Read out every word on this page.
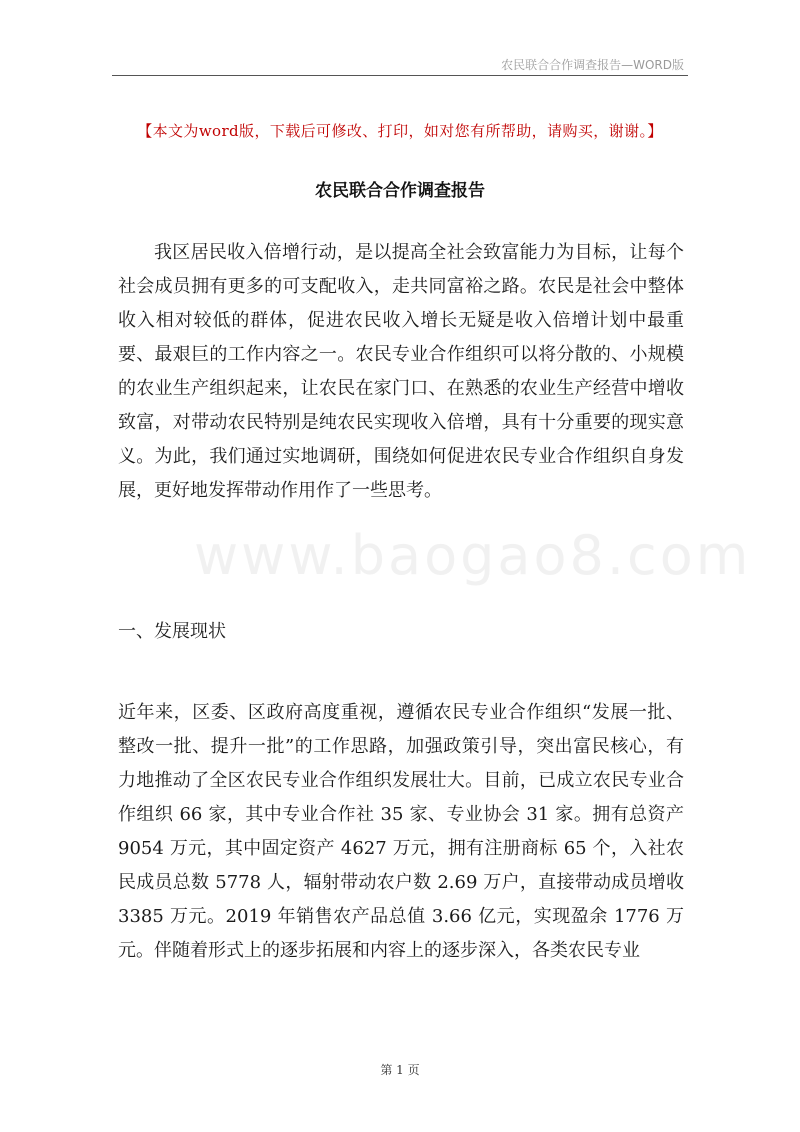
农民联合合作调查报告—WORD版
【本文为word版，下载后可修改、打印，如对您有所帮助，请购买，谢谢。】
农民联合合作调查报告

我区居民收入倍增行动，是以提高全社会致富能力为目标，让每个社会成员拥有更多的可支配收入，走共同富裕之路。农民是社会中整体收入相对较低的群体，促进农民收入增长无疑是收入倍增计划中最重要、最艰巨的工作内容之一。农民专业合作组织可以将分散的、小规模的农业生产组织起来，让农民在家门口、在熟悉的农业生产经营中增收致富，对带动农民特别是纯农民实现收入倍增，具有十分重要的现实意义。为此，我们通过实地调研，围绕如何促进农民专业合作组织自身发展，更好地发挥带动作用作了一些思考。

www.baogao8.com

一、发展现状

近年来，区委、区政府高度重视，遵循农民专业合作组织“发展一批、整改一批、提升一批”的工作思路，加强政策引导，突出富民核心，有力地推动了全区农民专业合作组织发展壮大。目前，已成立农民专业合作组织 66 家，其中专业合作社 35 家、专业协会 31 家。拥有总资产 9054 万元，其中固定资产 4627 万元，拥有注册商标 65 个，入社农民成员总数 5778 人，辐射带动农户数 2.69 万户，直接带动成员增收 3385 万元。2019 年销售农产品总值 3.66 亿元，实现盈余 1776 万元。伴随着形式上的逐步拓展和内容上的逐步深入，各类农民专业

第 1 页
